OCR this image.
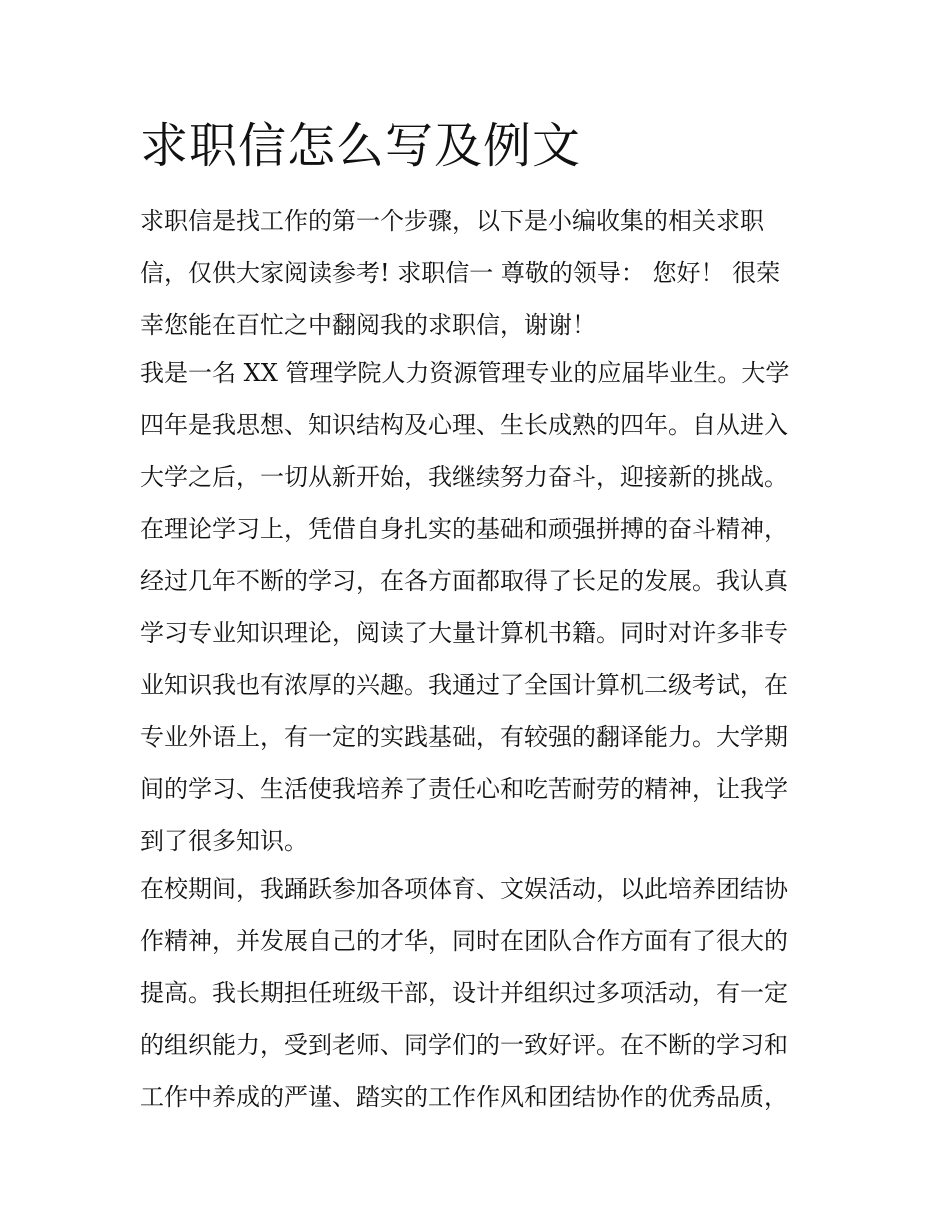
求职信怎么写及例文

求职信是找工作的第一个步骤，以下是小编收集的相关求职

信，仅供大家阅读参考! 求职信一 尊敬的领导： 您好！ 很荣

幸您能在百忙之中翻阅我的求职信，谢谢！

我是一名 XX 管理学院人力资源管理专业的应届毕业生。大学

四年是我思想、知识结构及心理、生长成熟的四年。自从进入

大学之后，一切从新开始，我继续努力奋斗，迎接新的挑战。

在理论学习上，凭借自身扎实的基础和顽强拼搏的奋斗精神，

经过几年不断的学习，在各方面都取得了长足的发展。我认真

学习专业知识理论，阅读了大量计算机书籍。同时对许多非专

业知识我也有浓厚的兴趣。我通过了全国计算机二级考试，在

专业外语上，有一定的实践基础，有较强的翻译能力。大学期

间的学习、生活使我培养了责任心和吃苦耐劳的精神，让我学

到了很多知识。

在校期间，我踊跃参加各项体育、文娱活动，以此培养团结协

作精神，并发展自己的才华，同时在团队合作方面有了很大的

提高。我长期担任班级干部，设计并组织过多项活动，有一定

的组织能力，受到老师、同学们的一致好评。在不断的学习和

工作中养成的严谨、踏实的工作作风和团结协作的优秀品质，
